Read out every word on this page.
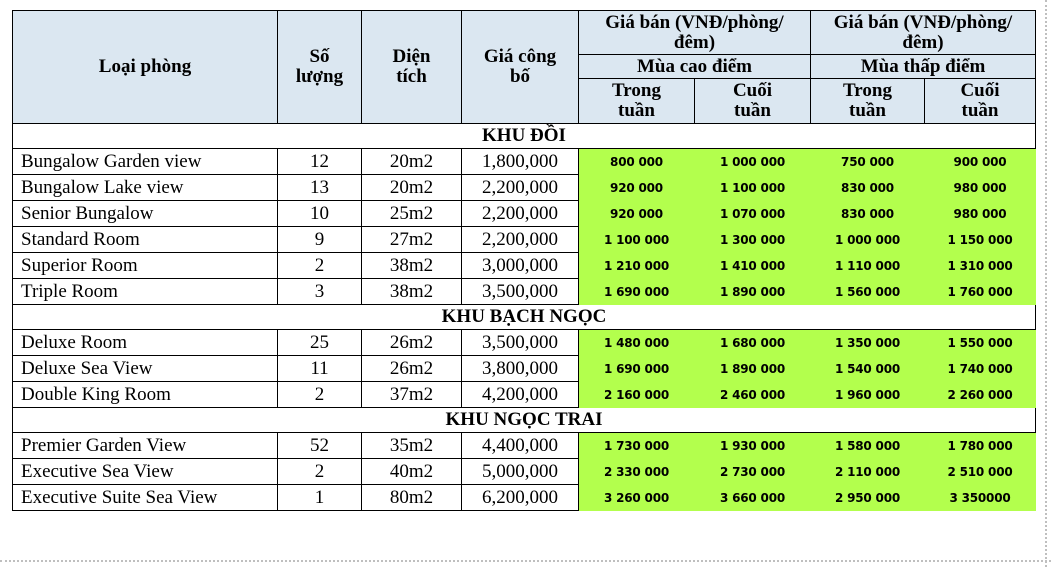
Loại phòng	Số lượng	Diện tích	Giá công bố	Giá bán (VNĐ/phòng/đêm)		Giá bán (VNĐ/phòng/đêm)	

				Mùa cao điểm		Mùa thấp điểm	

				Trong tuần	Cuối tuần	Trong tuần	Cuối tuần

KHU ĐỒI							
Bungalow Garden view	12	20m2	1,800,000	800 000	1 000 000	750 000	900 000
Bungalow Lake view	13	20m2	2,200,000	920 000	1 100 000	830 000	980 000
Senior Bungalow	10	25m2	2,200,000	920 000	1 070 000	830 000	980 000
Standard Room	9	27m2	2,200,000	1 100 000	1 300 000	1 000 000	1 150 000
Superior Room	2	38m2	3,000,000	1 210 000	1 410 000	1 110 000	1 310 000
Triple Room	3	38m2	3,500,000	1 690 000	1 890 000	1 560 000	1 760 000
KHU BẠCH NGỌC							
Deluxe Room	25	26m2	3,500,000	1 480 000	1 680 000	1 350 000	1 550 000
Deluxe Sea View	11	26m2	3,800,000	1 690 000	1 890 000	1 540 000	1 740 000
Double King Room	2	37m2	4,200,000	2 160 000	2 460 000	1 960 000	2 260 000
KHU NGỌC TRAI							
Premier Garden View	52	35m2	4,400,000	1 730 000	1 930 000	1 580 000	1 780 000
Executive Sea View	2	40m2	5,000,000	2 330 000	2 730 000	2 110 000	2 510 000
Executive Suite Sea View	1	80m2	6,200,000	3 260 000	3 660 000	2 950 000	3 350000
